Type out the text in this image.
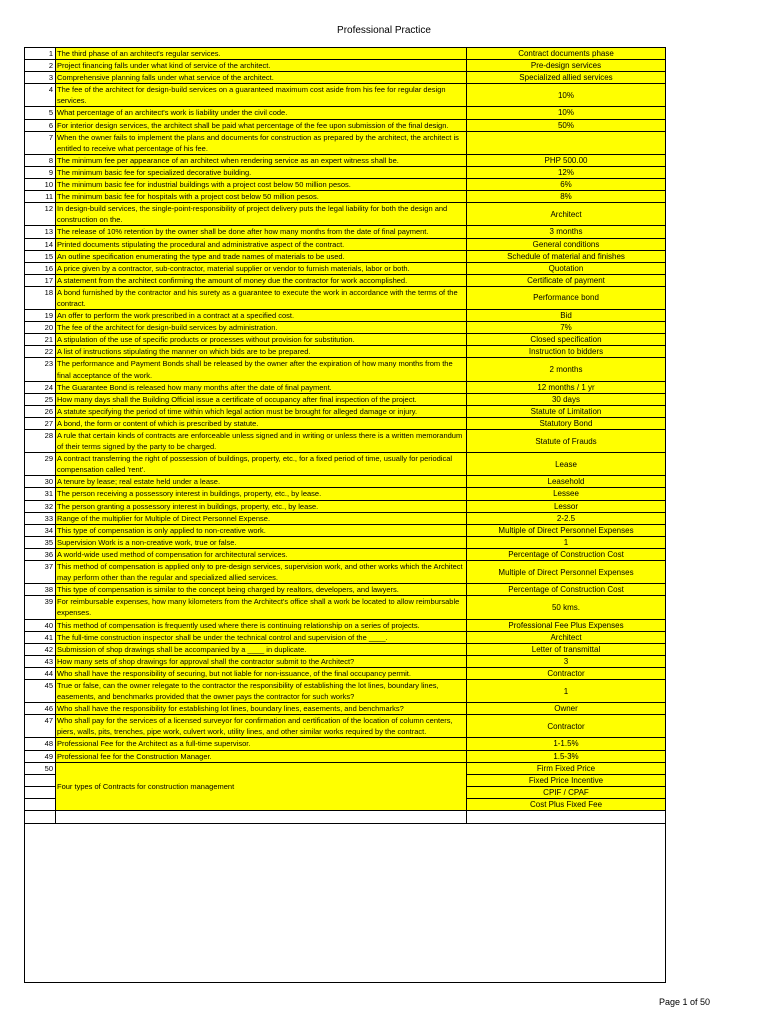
Professional Practice
1	The third phase of an architect's regular services.	Contract documents phase
2	Project financing falls under what kind of service of the architect.	Pre-design services
3	Comprehensive planning falls under what service of the architect.	Specialized allied services
4	The fee of the architect for design-build services on a guaranteed maximum cost aside from his fee for regular design services.	10%
5	What percentage of an architect's work is liability under the civil code.	10%
6	For interior design services, the architect shall be paid what percentage of the fee upon submission of the final design.	50%
7	When the owner fails to implement the plans and documents for construction as prepared by the architect, the architect is entitled to receive what percentage of his fee.	
8	The minimum fee per appearance of an architect when rendering service as an expert witness shall be.	PHP 500.00
9	The minimum basic fee for specialized decorative building.	12%
10	The minimum basic fee for industrial buildings with a project cost below 50 million pesos.	6%
11	The minimum basic fee for hospitals with a project cost below 50 million pesos.	8%
12	In design-build services, the single-point-responsibility of project delivery puts the legal liability for both the design and construction on the.	Architect
13	The release of 10% retention by the owner shall be done after how many months from the date of final payment.	3 months
14	Printed documents stipulating the procedural and administrative aspect of the contract.	General conditions
15	An outline specification enumerating the type and trade names of materials to be used.	Schedule of material and finishes
16	A price given by a contractor, sub-contractor, material supplier or vendor to furnish materials, labor or both.	Quotation
17	A statement from the architect confirming the amount of money due the contractor for work accomplished.	Certificate of payment
18	A bond furnished by the contractor and his surety as a guarantee to execute the work in accordance with the terms of the contract.	Performance bond
19	An offer to perform the work prescribed in a contract at a specified cost.	Bid
20	The fee of the architect for design-build services by administration.	7%
21	A stipulation of the use of specific products or processes without provision for substitution.	Closed specification
22	A list of instructions stipulating the manner on which bids are to be prepared.	Instruction to bidders
23	The performance and Payment Bonds shall be released by the owner after the expiration of how many months from the final acceptance of the work.	2 months
24	The Guarantee Bond is released how many months after the date of final payment.	12 months / 1 yr
25	How many days shall the Building Official issue a certificate of occupancy after final inspection of the project.	30 days
26	A statute specifying the period of time within which legal action must be brought for alleged damage or injury.	Statute of Limitation
27	A bond, the form or content of which is prescribed by statute.	Statutory Bond
28	A rule that certain kinds of contracts are enforceable unless signed and in writing or unless there is a written memorandum of their terms signed by the party to be charged.	Statute of Frauds
29	A contract transferring the right of possession of buildings, property, etc., for a fixed period of time, usually for periodical compensation called 'rent'.	Lease
30	A tenure by lease; real estate held under a lease.	Leasehold
31	The person receiving a possessory interest in buildings, property, etc., by lease.	Lessee
32	The person granting a possessory interest in buildings, property, etc., by lease.	Lessor
33	Range of the multiplier for Multiple of Direct Personnel Expense.	2-2.5
34	This type of compensation is only applied to non-creative work.	Multiple of Direct Personnel Expenses
35	Supervision Work is a non-creative work, true or false.	1
36	A world-wide used method of compensation for architectural services.	Percentage of Construction Cost
37	This method of compensation is applied only to pre-design services, supervision work, and other works which the Architect may perform other than the regular and specialized allied services.	Multiple of Direct Personnel Expenses
38	This type of compensation is similar to the concept being charged by realtors, developers, and lawyers.	Percentage of Construction Cost
39	For reimbursable expenses, how many kilometers from the Architect's office shall a work be located to allow reimbursable expenses.	50 kms.
40	This method of compensation is frequently used where there is continuing relationship on a series of projects.	Professional Fee Plus Expenses
41	The full-time construction inspector shall be under the technical control and supervision of the ____.	Architect
42	Submission of shop drawings shall be accompanied by a ____ in duplicate.	Letter of transmittal
43	How many sets of shop drawings for approval shall the contractor submit to the Architect?	3
44	Who shall have the responsibility of securing, but not liable for non-issuance, of the final occupancy permit.	Contractor
45	True or false, can the owner relegate to the contractor the responsibility of establishing the lot lines, boundary lines, easements, and benchmarks provided that the owner pays the contractor for such works?	1
46	Who shall have the responsibility for establishing lot lines, boundary lines, easements, and benchmarks?	Owner
47	Who shall pay for the services of a licensed surveyor for confirmation and certification of the location of column centers, piers, walls, pits, trenches, pipe work, culvert work, utility lines, and other similar works required by the contract.	Contractor
48	Professional Fee for the Architect as a full-time supervisor.	1-1.5%
49	Professional fee for the Construction Manager.	1.5-3%
50	Four types of Contracts for construction management	Firm Fixed Price
		Fixed Price Incentive
		CPIF / CPAF
		Cost Plus Fixed Fee

Page 1 of 50
